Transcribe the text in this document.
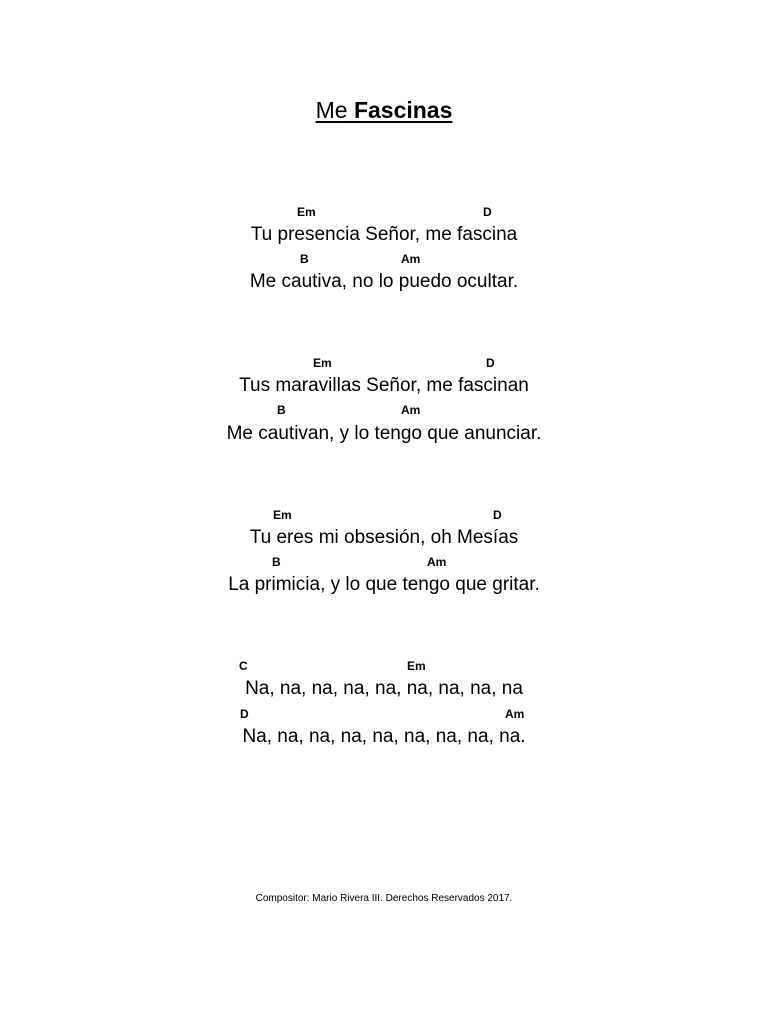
Me Fascinas
Em	D
Tu presencia Señor, me fascina
B	Am
Me cautiva, no lo puedo ocultar.
Em	D
Tus maravillas Señor, me fascinan
B	Am
Me cautivan, y lo tengo que anunciar.
Em	D
Tu eres mi obsesión, oh Mesías
B	Am
La primicia, y lo que tengo que gritar.
C	Em
Na, na, na, na, na, na, na, na, na
D	Am
Na, na, na, na, na, na, na, na, na.
Compositor: Mario Rivera III. Derechos Reservados 2017.
